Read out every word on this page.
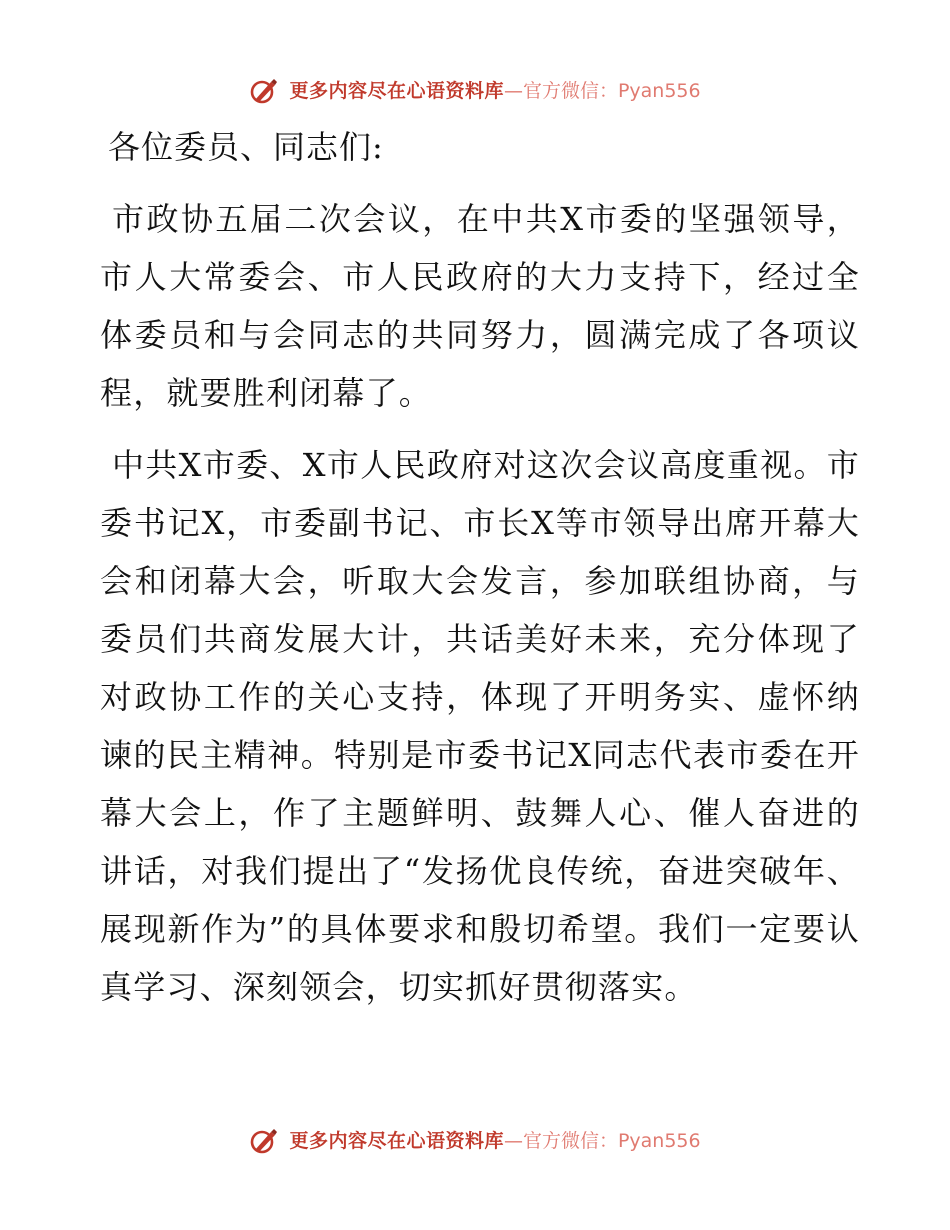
更多内容尽在心语资料库—官方微信：Pyan556

各位委员、同志们:

市政协五届二次会议，在中共X市委的坚强领导，市人大常委会、市人民政府的大力支持下，经过全体委员和与会同志的共同努力，圆满完成了各项议程，就要胜利闭幕了。

中共X市委、X市人民政府对这次会议高度重视。市委书记X，市委副书记、市长X等市领导出席开幕大会和闭幕大会，听取大会发言，参加联组协商，与委员们共商发展大计，共话美好未来，充分体现了对政协工作的关心支持，体现了开明务实、虚怀纳谏的民主精神。特别是市委书记X同志代表市委在开幕大会上，作了主题鲜明、鼓舞人心、催人奋进的讲话，对我们提出了“发扬优良传统，奋进突破年、展现新作为”的具体要求和殷切希望。我们一定要认真学习、深刻领会，切实抓好贯彻落实。

更多内容尽在心语资料库—官方微信：Pyan556
